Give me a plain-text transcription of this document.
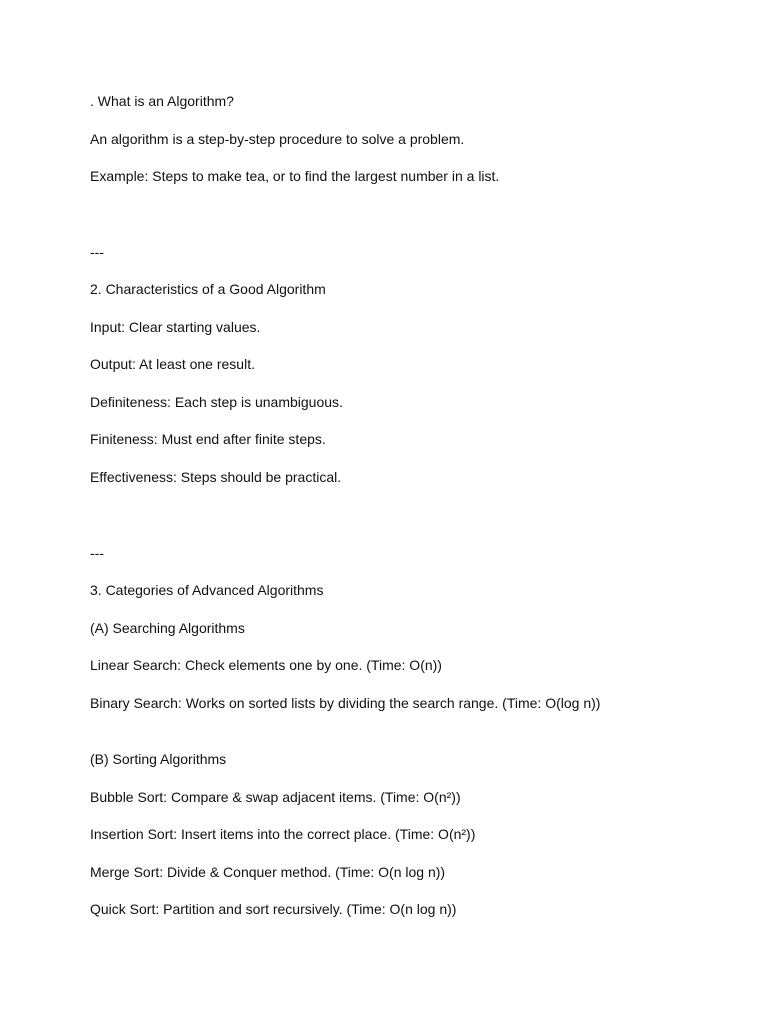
. What is an Algorithm?

An algorithm is a step-by-step procedure to solve a problem.

Example: Steps to make tea, or to find the largest number in a list.

---

2. Characteristics of a Good Algorithm

Input: Clear starting values.

Output: At least one result.

Definiteness: Each step is unambiguous.

Finiteness: Must end after finite steps.

Effectiveness: Steps should be practical.

---

3. Categories of Advanced Algorithms

(A) Searching Algorithms

Linear Search: Check elements one by one. (Time: O(n))

Binary Search: Works on sorted lists by dividing the search range. (Time: O(log n))

(B) Sorting Algorithms

Bubble Sort: Compare & swap adjacent items. (Time: O(n²))

Insertion Sort: Insert items into the correct place. (Time: O(n²))

Merge Sort: Divide & Conquer method. (Time: O(n log n))

Quick Sort: Partition and sort recursively. (Time: O(n log n))
